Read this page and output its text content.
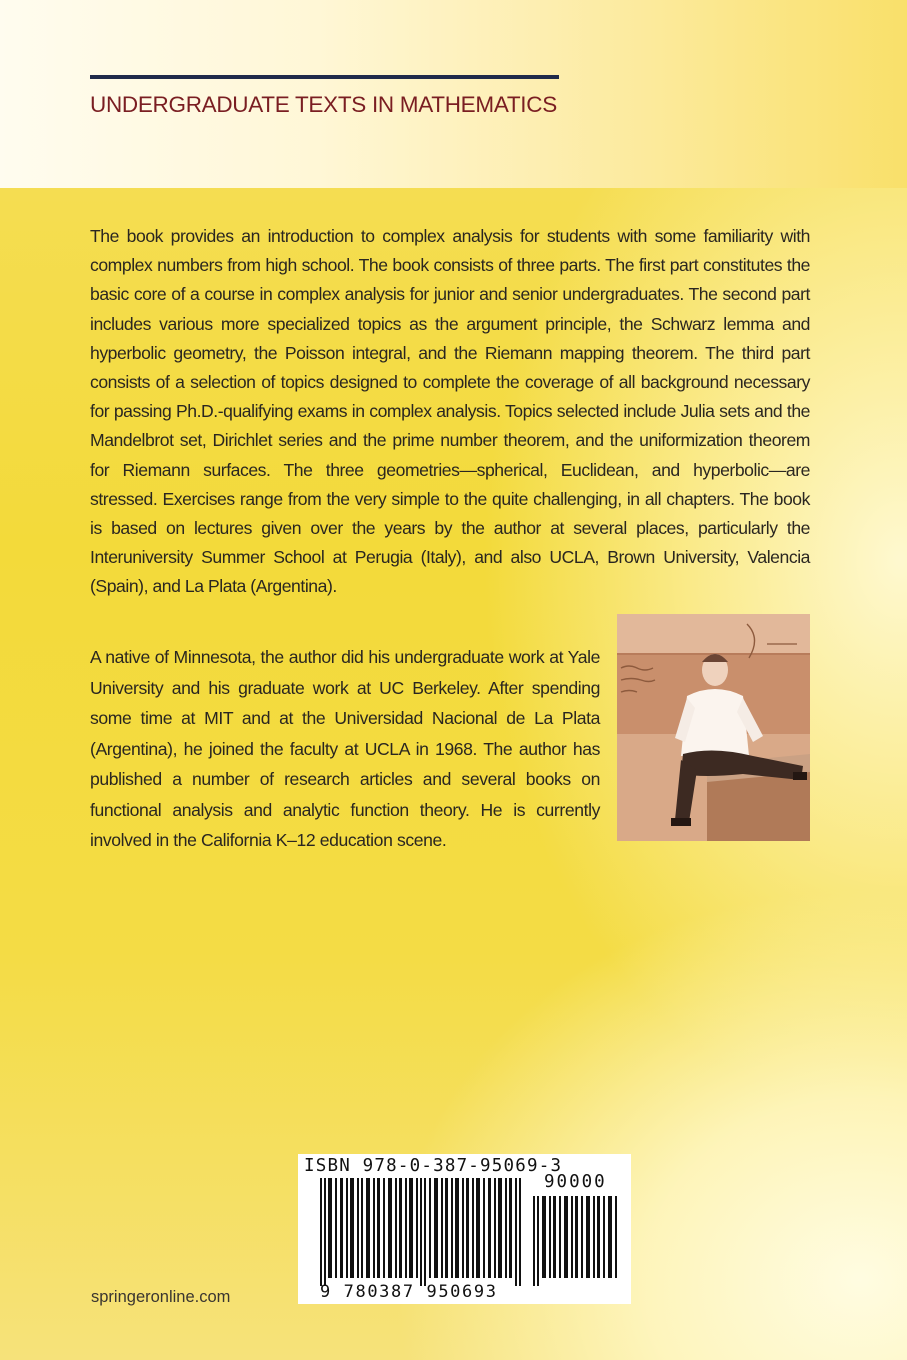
UNDERGRADUATE TEXTS IN MATHEMATICS

The book provides an introduction to complex analysis for students with some familiarity with complex numbers from high school. The book consists of three parts. The first part constitutes the basic core of a course in complex analysis for junior and senior undergraduates. The second part includes various more specialized topics as the argument principle, the Schwarz lemma and hyperbolic geometry, the Poisson integral, and the Riemann mapping theorem. The third part consists of a selection of topics designed to complete the coverage of all background necessary for passing Ph.D.-qualifying exams in complex analysis. Topics selected include Julia sets and the Mandelbrot set, Dirichlet series and the prime number theorem, and the uniformization theorem for Riemann surfaces. The three geometries—spherical, Euclidean, and hyperbolic—are stressed. Exercises range from the very simple to the quite challenging, in all chapters. The book is based on lectures given over the years by the author at several places, particularly the Interuniversity Summer School at Perugia (Italy), and also UCLA, Brown University, Valencia (Spain), and La Plata (Argentina).

A native of Minnesota, the author did his undergraduate work at Yale University and his graduate work at UC Berkeley. After spending some time at MIT and at the Universidad Nacional de La Plata (Argentina), he joined the faculty at UCLA in 1968. The author has published a number of research articles and several books on functional analysis and analytic function theory. He is currently involved in the California K–12 education scene.

ISBN 978-0-387-95069-3

90000

9 780387 950693

springeronline.com
